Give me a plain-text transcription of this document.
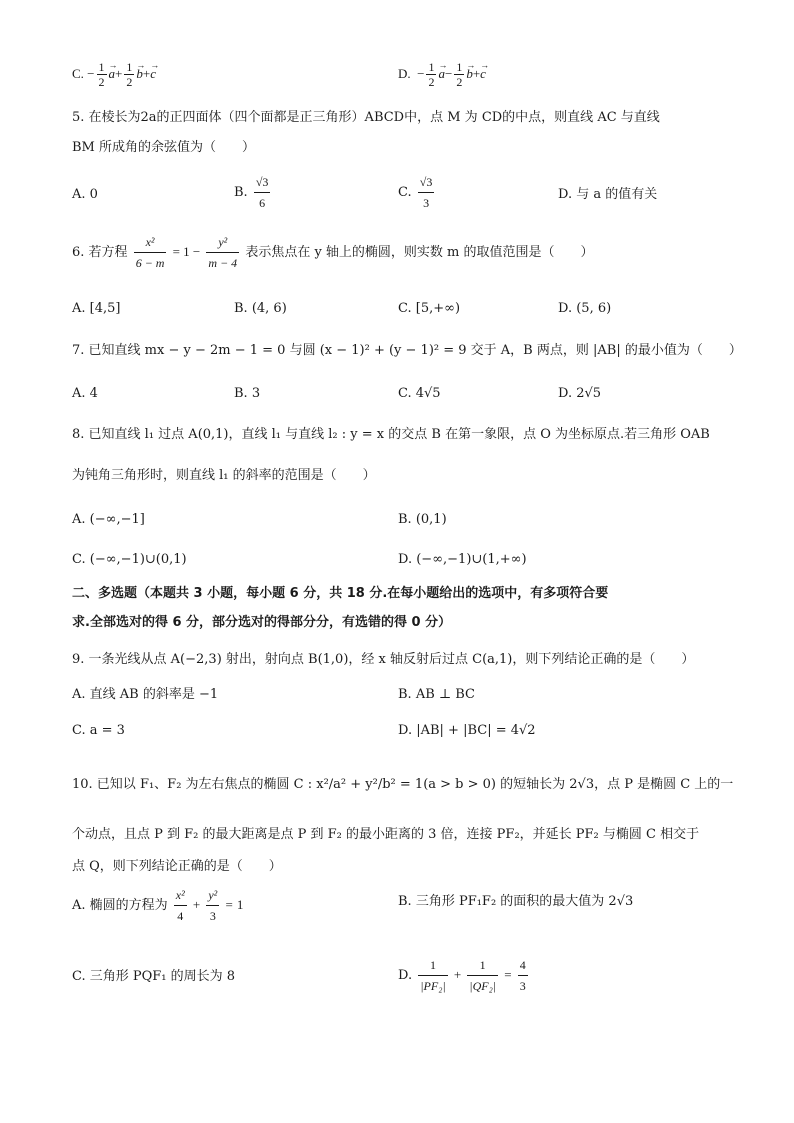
C. − $\frac{1}{2} \to a+ \frac{1}{2} \to b+\to c$	D.  − $\frac{1}{2} \to a- \frac{1}{2} \to b+\to c$
5. 在棱长为2a的正四面体（四个面都是正三角形）ABCD中，点 M 为 CD的中点，则直线 AC 与直线
BM 所成角的余弦值为（　　）
A. 0	B. $\frac{√3}{6}$	C. $\frac{√3}{3}$	D. 与 a 的值有关
6. 若方程 $\frac{\text{x²}}{6 - m} = 1 - \frac{\text{y²}}{m - 4}$ 表示焦点在 y 轴上的椭圆，则实数 m 的取值范围是（　　）
A. [4,5]	B. (4, 6)	C. [5,+∞)	D. (5, 6)
7. 已知直线 mx − y − 2m − 1 = 0 与圆 (x − 1)² + (y − 1)² = 9 交于 A，B 两点，则 |AB| 的最小值为（　　）
A. 4	B. 3	C. 4√5	D. 2√5
8. 已知直线 l₁ 过点 A(0,1)，直线 l₁ 与直线 l₂ : y = x 的交点 B 在第一象限，点 O 为坐标原点.若三角形 OAB
为钝角三角形时，则直线 l₁ 的斜率的范围是（　　）
A. (−∞,−1]	B. (0,1)
C. (−∞,−1)∪(0,1)	D. (−∞,−1)∪(1,+∞)
二、多选题（本题共 3 小题，每小题 6 分，共 18 分.在每小题给出的选项中，有多项符合要
求.全部选对的得 6 分，部分选对的得部分分，有选错的得 0 分）
9. 一条光线从点 A(−2,3) 射出，射向点 B(1,0)，经 x 轴反射后过点 C(a,1)，则下列结论正确的是（　　）
A. 直线 AB 的斜率是 −1	B. AB ⊥ BC
C. a = 3	D. |AB| + |BC| = 4√2
10. 已知以 F₁、F₂ 为左右焦点的椭圆 C : x²/a² + y²/b² = 1(a > b > 0) 的短轴长为 2√3，点 P 是椭圆 C 上的一
个动点，且点 P 到 F₂ 的最大距离是点 P 到 F₂ 的最小距离的 3 倍，连接 PF₂，并延长 PF₂ 与椭圆 C 相交于
点 Q，则下列结论正确的是（　　）
A. 椭圆的方程为 $\frac{\text{x²}}{4} + \frac{\text{y²}}{3} = 1$	B. 三角形 PF₁F₂ 的面积的最大值为 2√3
C. 三角形 PQF₁ 的周长为 8	D. $\frac{1}{\text{|PF₂|}} + \frac{1}{\text{|QF₂|}} = \frac{4}{3}$
